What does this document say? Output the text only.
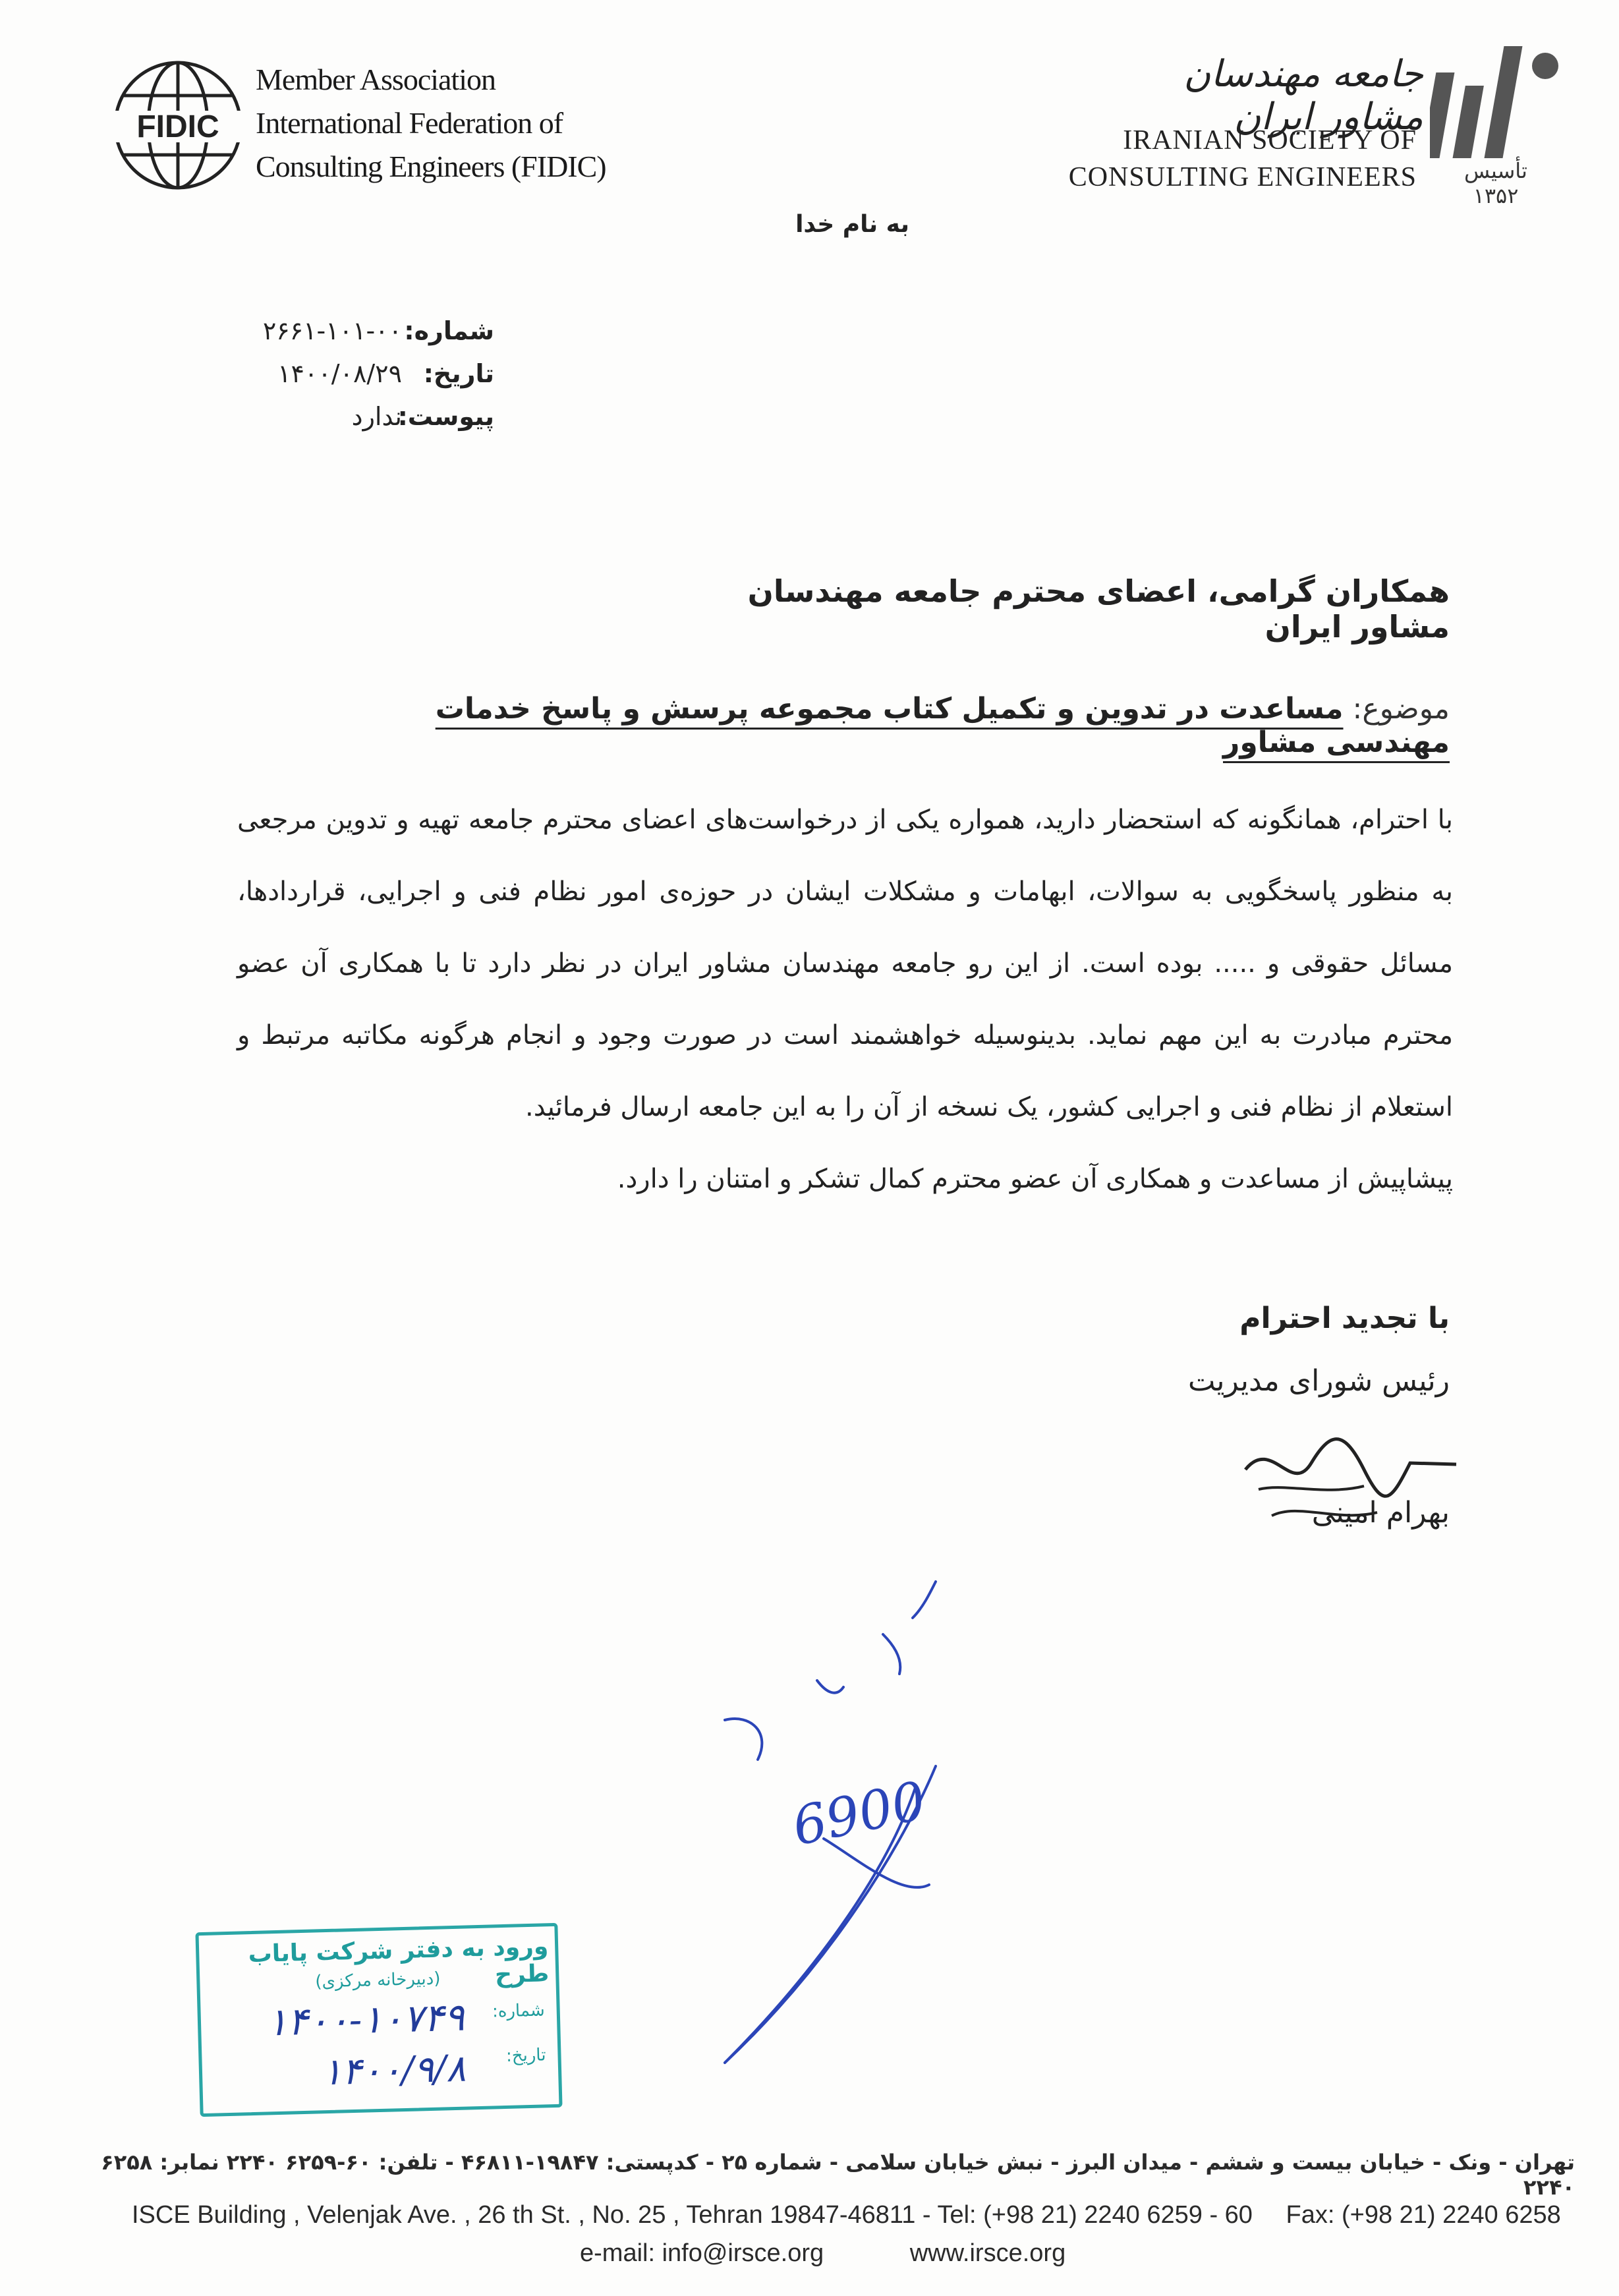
FIDIC
Member Association
International Federation of
Consulting Engineers (FIDIC)
جامعه مهندسان مشاور ایران
IRANIAN SOCIETY OF
CONSULTING ENGINEERS	تأسیس ۱۳۵۲
به نام خدا
شماره:۲۶۶۱-۱۰۱-۰۰
تاریخ:۱۴۰۰/۰۸/۲۹
پیوست:ندارد
همکاران گرامی، اعضای محترم جامعه مهندسان مشاور ایران
موضوع: مساعدت در تدوین و تکمیل کتاب مجموعه پرسش و پاسخ خدمات مهندسی مشاور

با احترام، همانگونه که استحضار دارید، همواره یکی از درخواست‌های اعضای محترم جامعه تهیه و تدوین مرجعی به منظور پاسخگویی به سوالات، ابهامات و مشکلات ایشان در حوزه‌ی امور نظام فنی و اجرایی، قراردادها، مسائل حقوقی و ..... بوده است. از این رو جامعه مهندسان مشاور ایران در نظر دارد تا با همکاری آن عضو محترم مبادرت به این مهم نماید. بدینوسیله خواهشمند است در صورت وجود و انجام هرگونه مکاتبه مرتبط و استعلام از نظام فنی و اجرایی کشور، یک نسخه از آن را به این جامعه ارسال فرمائید.

پیشاپیش از مساعدت و همکاری آن عضو محترم کمال تشکر و امتنان را دارد.

با تجدید احترام
رئیس شورای مدیریت
بهرام امینی
6900
ورود به دفتر شرکت پایاب طرح
(دبیرخانه مرکزی)
شماره:
تاریخ:
۱۴۰۰-۱۰۷۴۹
۱۴۰۰/۹/۸
تهران - ونک - خیابان بیست و ششم - میدان البرز - نبش خیابان سلامی - شماره ۲۵ - کدپستی: ۱۹۸۴۷-۴۶۸۱۱ - تلفن: ۶۰-۶۲۵۹ ۲۲۴۰ نمابر: ۶۲۵۸ ۲۲۴۰
ISCE Building , Velenjak Ave. , 26 th St. , No. 25 , Tehran 19847-46811 - Tel: (+98 21) 2240 6259 - 60 Fax: (+98 21) 2240 6258
e-mail: info@irsce.org	www.irsce.org
